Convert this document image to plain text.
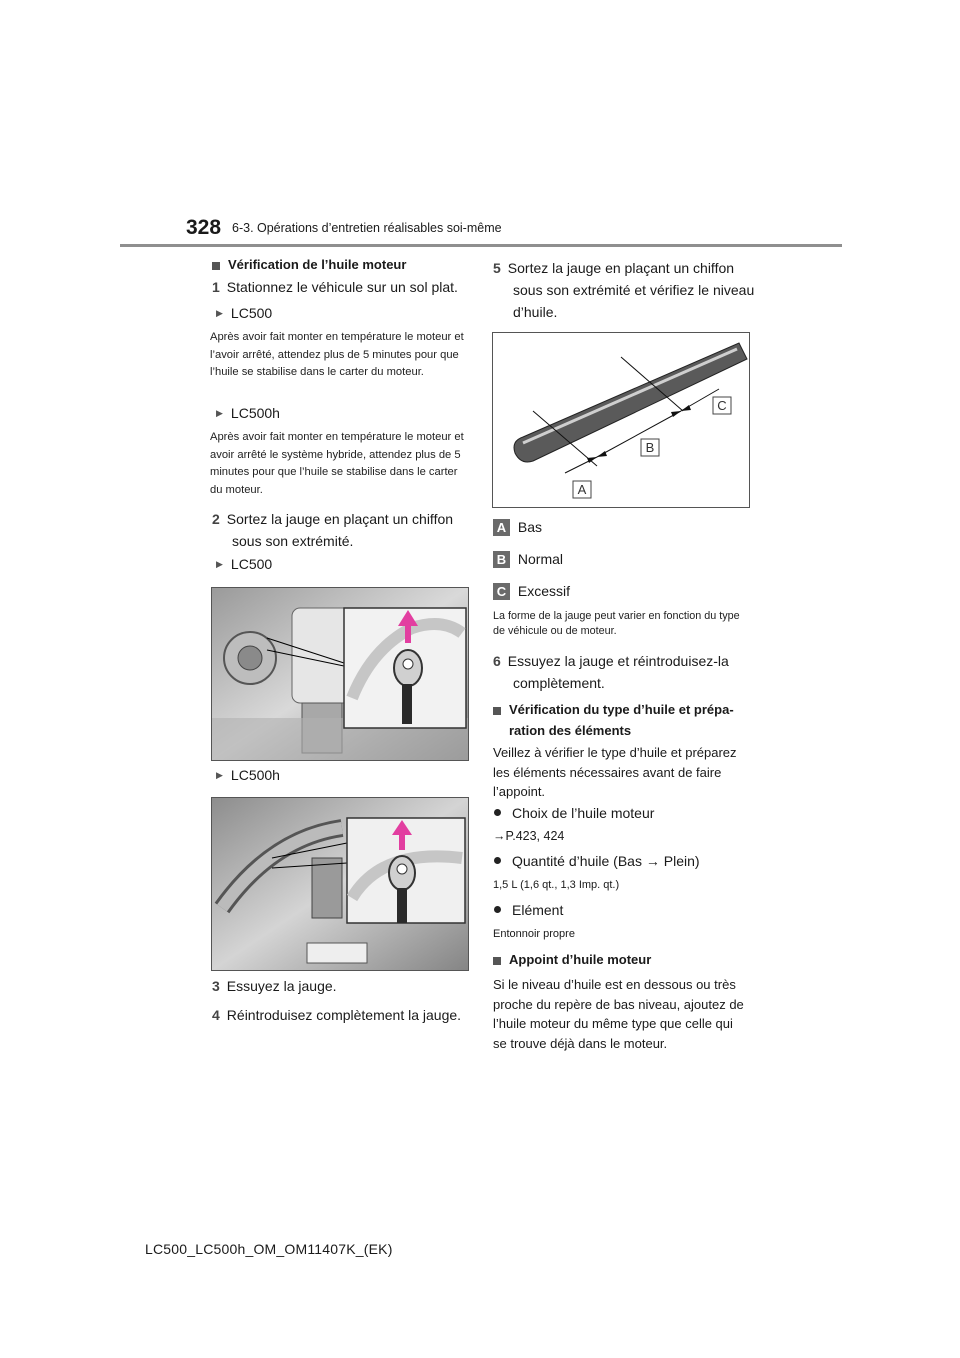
328 6-3. Opérations d’entretien réalisables soi-même
Vérification de l’huile moteur
1 Stationnez le véhicule sur un sol plat.
▶ LC500
Après avoir fait monter en température le moteur et l’avoir arrêté, attendez plus de 5 minutes pour que l’huile se stabilise dans le carter du moteur.
▶ LC500h
Après avoir fait monter en température le moteur et avoir arrêté le système hybride, attendez plus de 5 minutes pour que l’huile se stabilise dans le carter du moteur.
2 Sortez la jauge en plaçant un chiffon
sous son extrémité.
▶ LC500
▶ LC500h
3 Essuyez la jauge.
4 Réintroduisez complètement la jauge.
5 Sortez la jauge en plaçant un chiffon
sous son extrémité et vérifiez le niveau
d’huile.
A
B
C
A Bas
B Normal
C Excessif
La forme de la jauge peut varier en fonction du type de véhicule ou de moteur.
6 Essuyez la jauge et réintroduisez-la
complètement.
Vérification du type d’huile et prépa-
ration des éléments
Veillez à vérifier le type d’huile et préparez les éléments nécessaires avant de faire l’appoint.
Choix de l’huile moteur
→P.423, 424
Quantité d’huile (Bas → Plein)
1,5 L (1,6 qt., 1,3 Imp. qt.)
Elément
Entonnoir propre
Appoint d’huile moteur
Si le niveau d’huile est en dessous ou très proche du repère de bas niveau, ajoutez de l’huile moteur du même type que celle qui se trouve déjà dans le moteur.
LC500_LC500h_OM_OM11407K_(EK)
